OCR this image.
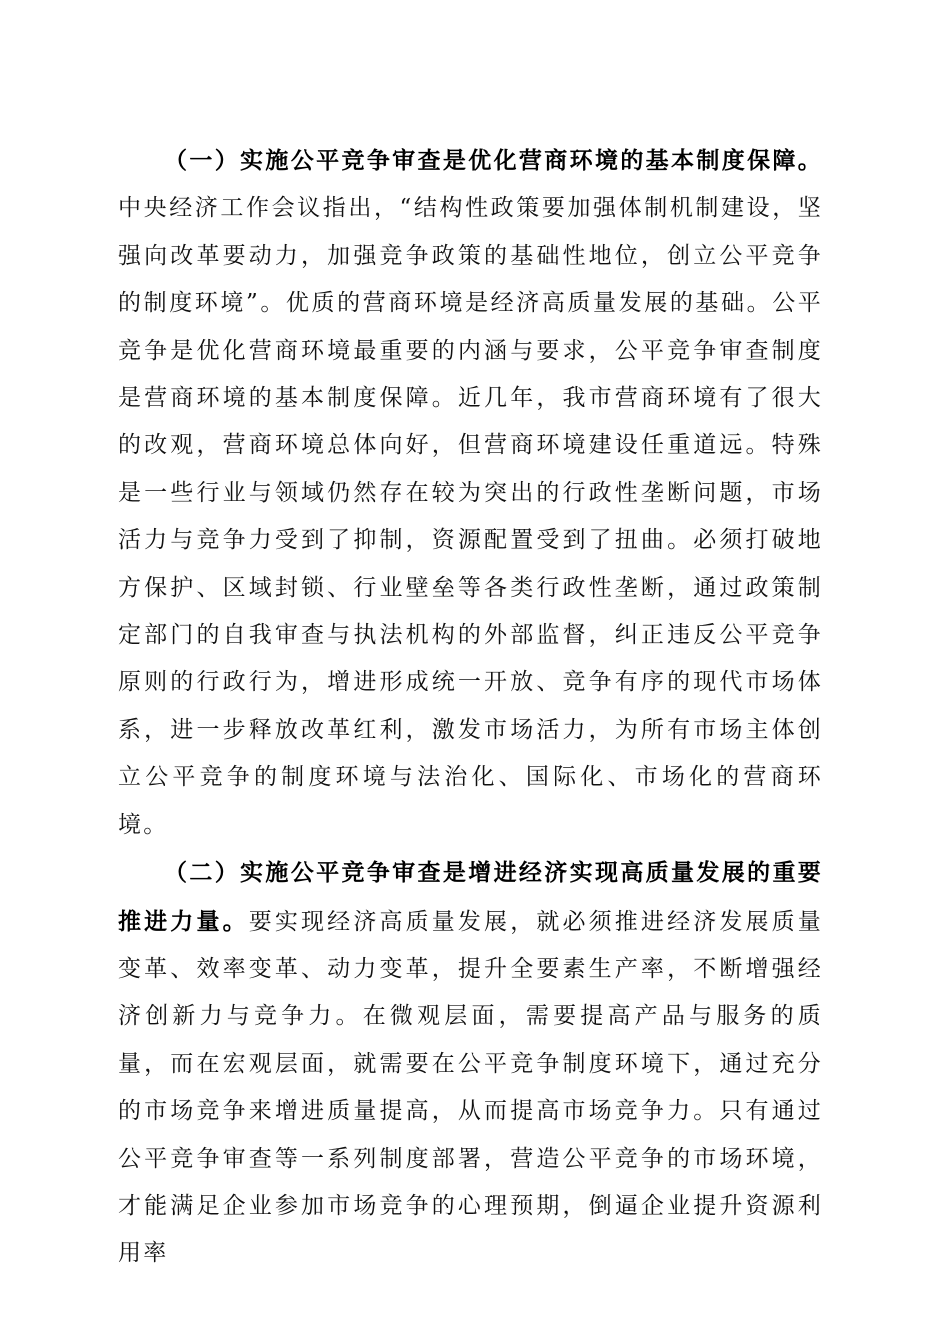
（一）实施公平竞争审查是优化营商环境的基本制度保障。中央经济工作会议指出，“结构性政策要加强体制机制建设，坚强向改革要动力，加强竞争政策的基础性地位，创立公平竞争的制度环境”。优质的营商环境是经济高质量发展的基础。公平竞争是优化营商环境最重要的内涵与要求，公平竞争审查制度是营商环境的基本制度保障。近几年，我市营商环境有了很大的改观，营商环境总体向好，但营商环境建设任重道远。特殊是一些行业与领域仍然存在较为突出的行政性垄断问题，市场活力与竞争力受到了抑制，资源配置受到了扭曲。必须打破地方保护、区域封锁、行业壁垒等各类行政性垄断，通过政策制定部门的自我审查与执法机构的外部监督，纠正违反公平竞争原则的行政行为，增进形成统一开放、竞争有序的现代市场体系，进一步释放改革红利，激发市场活力，为所有市场主体创立公平竞争的制度环境与法治化、国际化、市场化的营商环境。

（二）实施公平竞争审查是增进经济实现高质量发展的重要推进力量。要实现经济高质量发展，就必须推进经济发展质量变革、效率变革、动力变革，提升全要素生产率，不断增强经济创新力与竞争力。在微观层面，需要提高产品与服务的质量，而在宏观层面，就需要在公平竞争制度环境下，通过充分的市场竞争来增进质量提高，从而提高市场竞争力。只有通过公平竞争审查等一系列制度部署，营造公平竞争的市场环境，才能满足企业参加市场竞争的心理预期，倒逼企业提升资源利用率
